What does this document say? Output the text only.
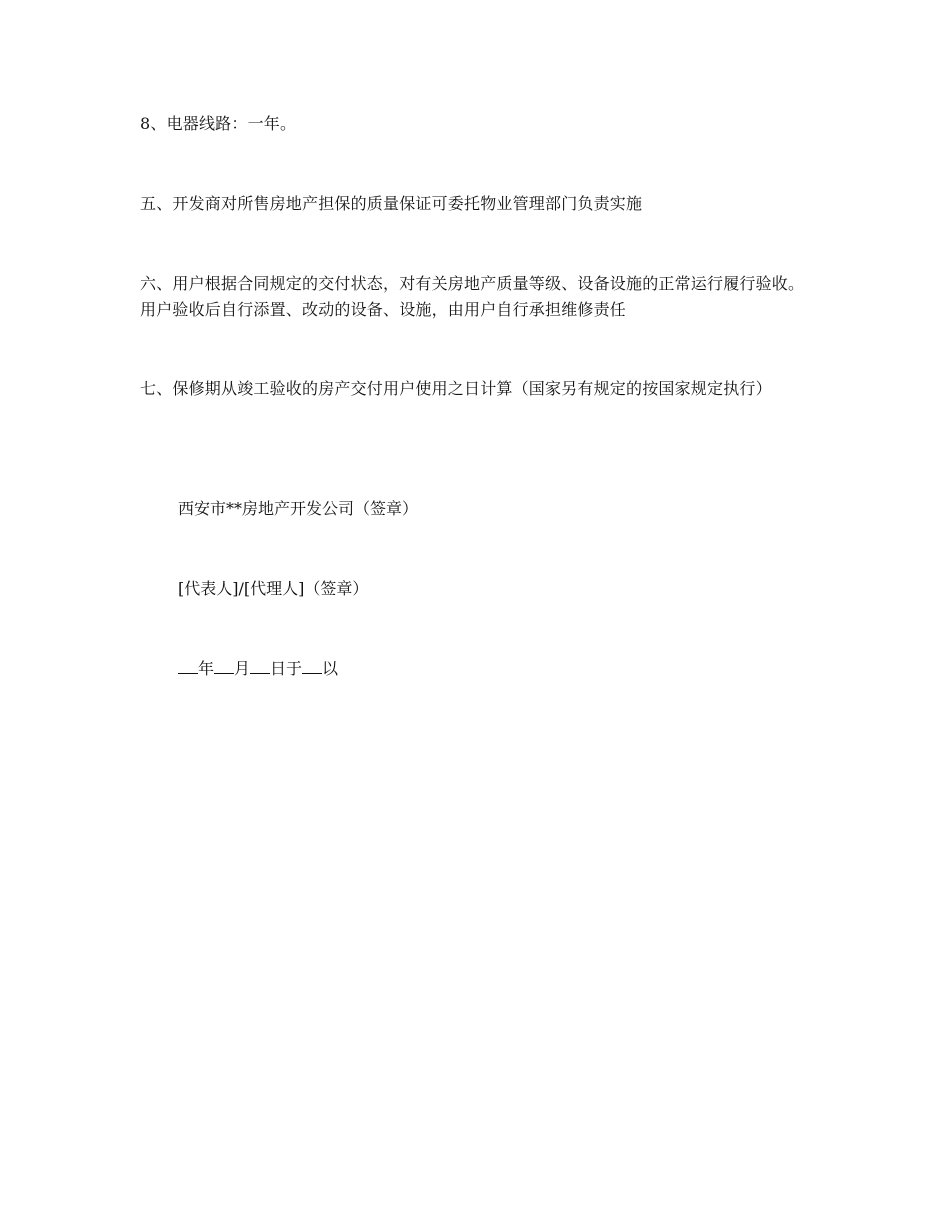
8、电器线路：一年。

五、开发商对所售房地产担保的质量保证可委托物业管理部门负责实施

六、用户根据合同规定的交付状态，对有关房地产质量等级、设备设施的正常运行履行验收。用户验收后自行添置、改动的设备、设施，由用户自行承担维修责任

七、保修期从竣工验收的房产交付用户使用之日计算（国家另有规定的按国家规定执行）

西安市**房地产开发公司（签章）

[代表人]/[代理人]（签章）

年 月 日于 以
